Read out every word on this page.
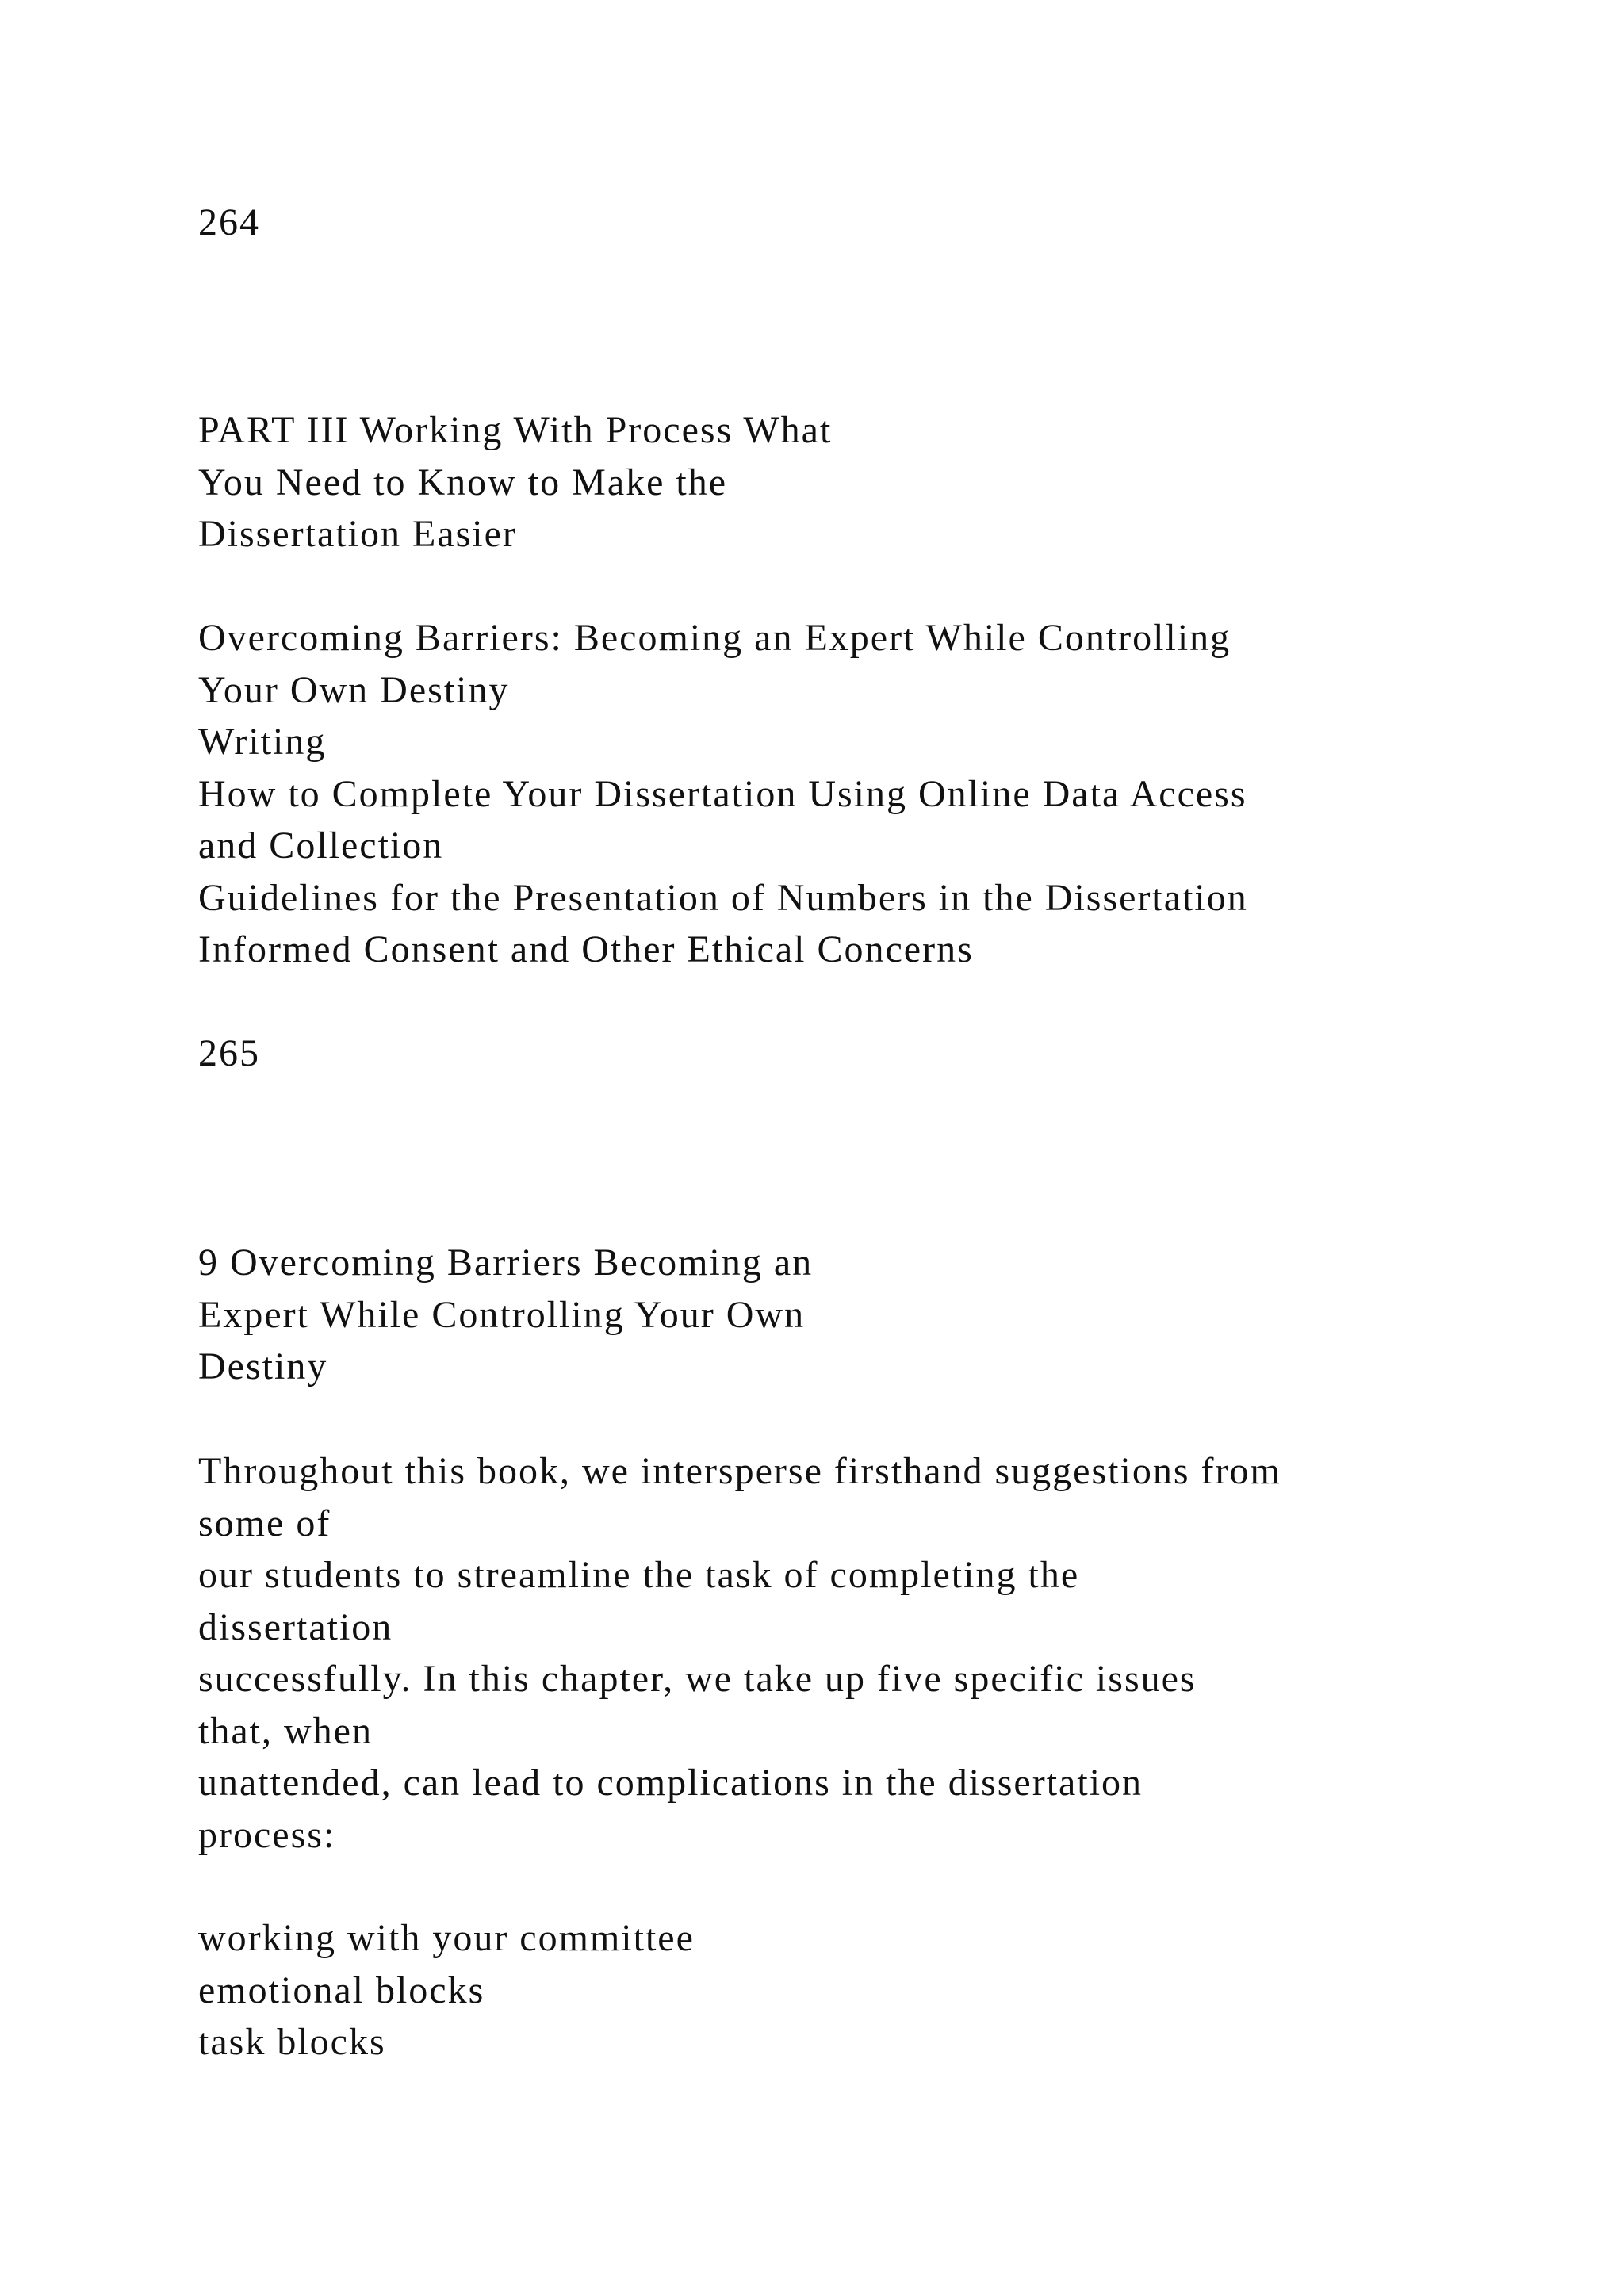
264
PART III Working With Process What
You Need to Know to Make the
Dissertation Easier
Overcoming Barriers: Becoming an Expert While Controlling
Your Own Destiny
Writing
How to Complete Your Dissertation Using Online Data Access
and Collection
Guidelines for the Presentation of Numbers in the Dissertation
Informed Consent and Other Ethical Concerns
265
9 Overcoming Barriers Becoming an
Expert While Controlling Your Own
Destiny
Throughout this book, we intersperse firsthand suggestions from
some of
our students to streamline the task of completing the
dissertation
successfully. In this chapter, we take up five specific issues
that, when
unattended, can lead to complications in the dissertation
process:
working with your committee
emotional blocks
task blocks
